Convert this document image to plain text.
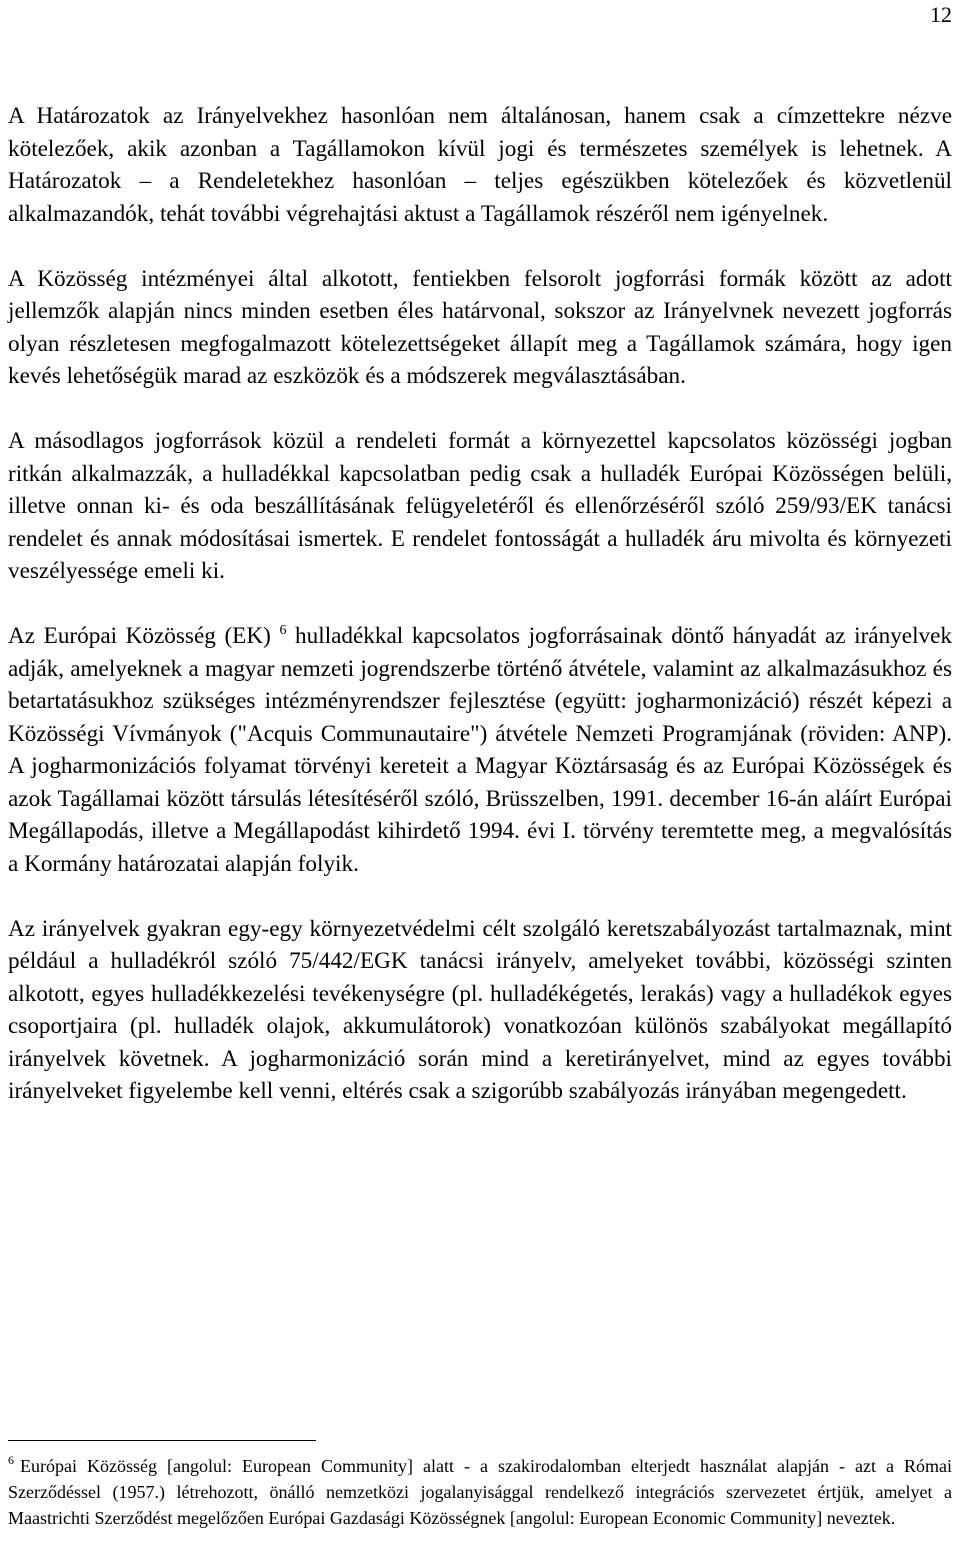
12

A Határozatok az Irányelvekhez hasonlóan nem általánosan, hanem csak a címzettekre nézve kötelezőek, akik azonban a Tagállamokon kívül jogi és természetes személyek is lehetnek. A Határozatok – a Rendeletekhez hasonlóan – teljes egészükben kötelezőek és közvetlenül alkalmazandók, tehát további végrehajtási aktust a Tagállamok részéről nem igényelnek.

A Közösség intézményei által alkotott, fentiekben felsorolt jogforrási formák között az adott jellemzők alapján nincs minden esetben éles határvonal, sokszor az Irányelvnek nevezett jogforrás olyan részletesen megfogalmazott kötelezettségeket állapít meg a Tagállamok számára, hogy igen kevés lehetőségük marad az eszközök és a módszerek megválasztásában.

A másodlagos jogforrások közül a rendeleti formát a környezettel kapcsolatos közösségi jogban ritkán alkalmazzák, a hulladékkal kapcsolatban pedig csak a hulladék Európai Közösségen belüli, illetve onnan ki- és oda beszállításának felügyeletéről és ellenőrzéséről szóló 259/93/EK tanácsi rendelet és annak módosításai ismertek. E rendelet fontosságát a hulladék áru mivolta és környezeti veszélyessége emeli ki.

Az Európai Közösség (EK) $^6$ hulladékkal kapcsolatos jogforrásainak döntő hányadát az irányelvek adják, amelyeknek a magyar nemzeti jogrendszerbe történő átvétele, valamint az alkalmazásukhoz és betartatásukhoz szükséges intézményrendszer fejlesztése (együtt: jogharmonizáció) részét képezi a Közösségi Vívmányok ("Acquis Communautaire") átvétele Nemzeti Programjának (röviden: ANP). A jogharmonizációs folyamat törvényi kereteit a Magyar Köztársaság és az Európai Közösségek és azok Tagállamai között társulás létesítéséről szóló, Brüsszelben, 1991. december 16-án aláírt Európai Megállapodás, illetve a Megállapodást kihirdető 1994. évi I. törvény teremtette meg, a megvalósítás a Kormány határozatai alapján folyik.

Az irányelvek gyakran egy-egy környezetvédelmi célt szolgáló keretszabályozást tartalmaznak, mint például a hulladékról szóló 75/442/EGK tanácsi irányelv, amelyeket további, közösségi szinten alkotott, egyes hulladékkezelési tevékenységre (pl. hulladékégetés, lerakás) vagy a hulladékok egyes csoportjaira (pl. hulladék olajok, akkumulátorok) vonatkozóan különös szabályokat megállapító irányelvek követnek. A jogharmonizáció során mind a keretirányelvet, mind az egyes további irányelveket figyelembe kell venni, eltérés csak a szigorúbb szabályozás irányában megengedett.

$^6$ Európai Közösség [angolul: European Community] alatt - a szakirodalomban elterjedt használat alapján - azt a Római Szerződéssel (1957.) létrehozott, önálló nemzetközi jogalanyisággal rendelkező integrációs szervezetet értjük, amelyet a Maastrichti Szerződést megelőzően Európai Gazdasági Közösségnek [angolul: European Economic Community] neveztek.
